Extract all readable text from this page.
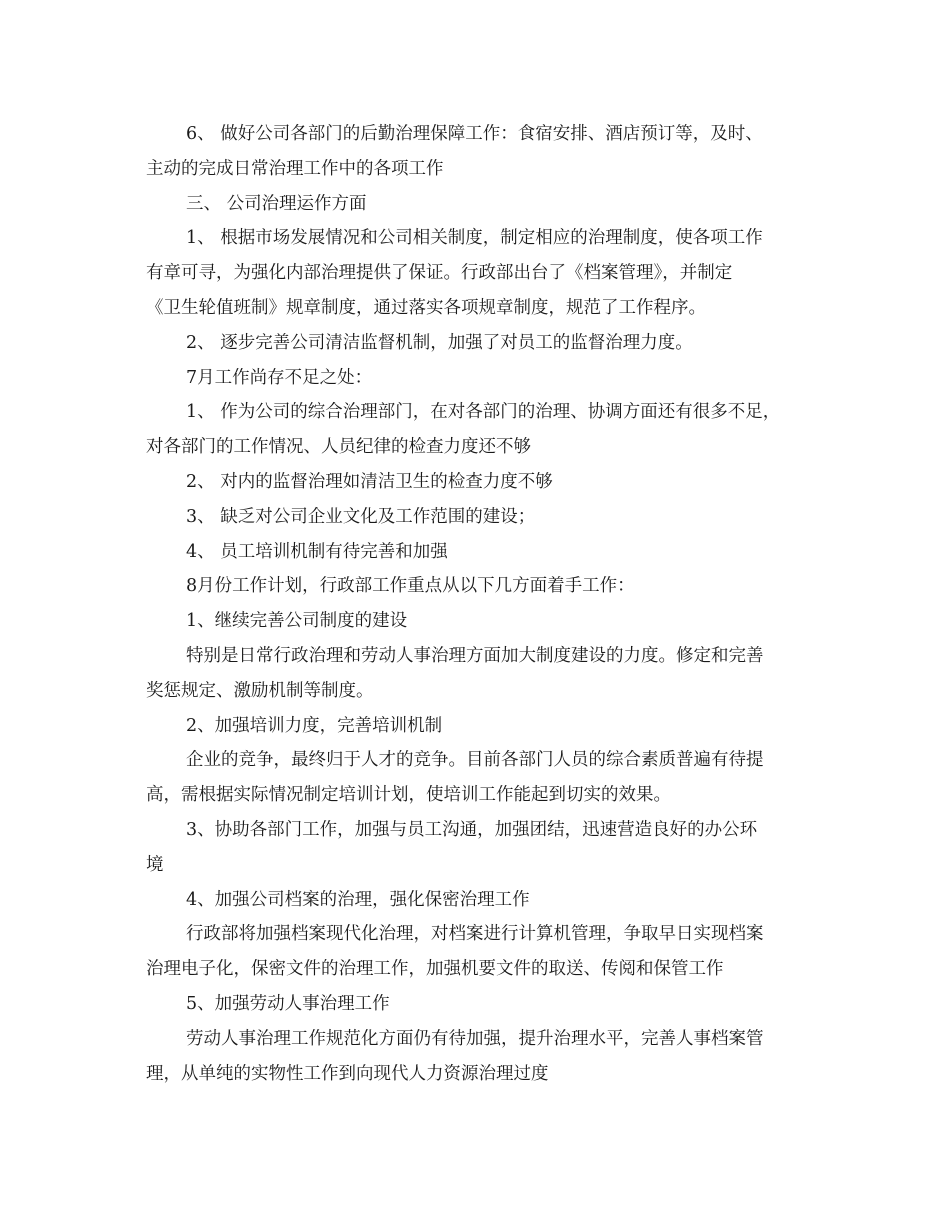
6、 做好公司各部门的后勤治理保障工作：食宿安排、酒店预订等，及时、
主动的完成日常治理工作中的各项工作
三、 公司治理运作方面
1、 根据市场发展情况和公司相关制度，制定相应的治理制度，使各项工作
有章可寻，为强化内部治理提供了保证。行政部出台了《档案管理》，并制定
《卫生轮值班制》规章制度，通过落实各项规章制度，规范了工作程序。
2、 逐步完善公司清洁监督机制，加强了对员工的监督治理力度。
7月工作尚存不足之处：
1、 作为公司的综合治理部门，在对各部门的治理、协调方面还有很多不足，
对各部门的工作情况、人员纪律的检查力度还不够
2、 对内的监督治理如清洁卫生的检查力度不够
3、 缺乏对公司企业文化及工作范围的建设；
4、 员工培训机制有待完善和加强
8月份工作计划，行政部工作重点从以下几方面着手工作：
1、继续完善公司制度的建设
特别是日常行政治理和劳动人事治理方面加大制度建设的力度。修定和完善
奖惩规定、激励机制等制度。
2、加强培训力度，完善培训机制
企业的竞争，最终归于人才的竞争。目前各部门人员的综合素质普遍有待提
高，需根据实际情况制定培训计划，使培训工作能起到切实的效果。
3、协助各部门工作，加强与员工沟通，加强团结，迅速营造良好的办公环
境
4、加强公司档案的治理，强化保密治理工作
行政部将加强档案现代化治理，对档案进行计算机管理，争取早日实现档案
治理电子化，保密文件的治理工作，加强机要文件的取送、传阅和保管工作
5、加强劳动人事治理工作
劳动人事治理工作规范化方面仍有待加强，提升治理水平，完善人事档案管
理，从单纯的实物性工作到向现代人力资源治理过度
